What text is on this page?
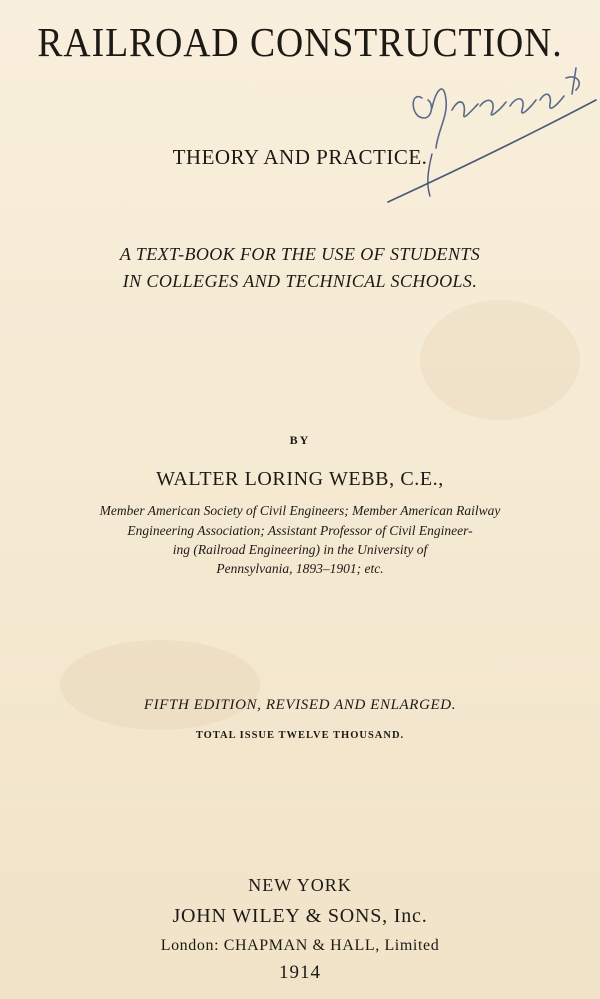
RAILROAD CONSTRUCTION.
THEORY AND PRACTICE.
A TEXT-BOOK FOR THE USE OF STUDENTS
IN COLLEGES AND TECHNICAL SCHOOLS.
BY
WALTER LORING WEBB, C.E.,
Member American Society of Civil Engineers; Member American Railway
Engineering Association; Assistant Professor of Civil Engineer-
ing (Railroad Engineering) in the University of
Pennsylvania, 1893–1901; etc.
FIFTH EDITION, REVISED AND ENLARGED.
TOTAL ISSUE TWELVE THOUSAND.
NEW YORK
JOHN WILEY & SONS, Inc.
London: CHAPMAN & HALL, Limited
1914
